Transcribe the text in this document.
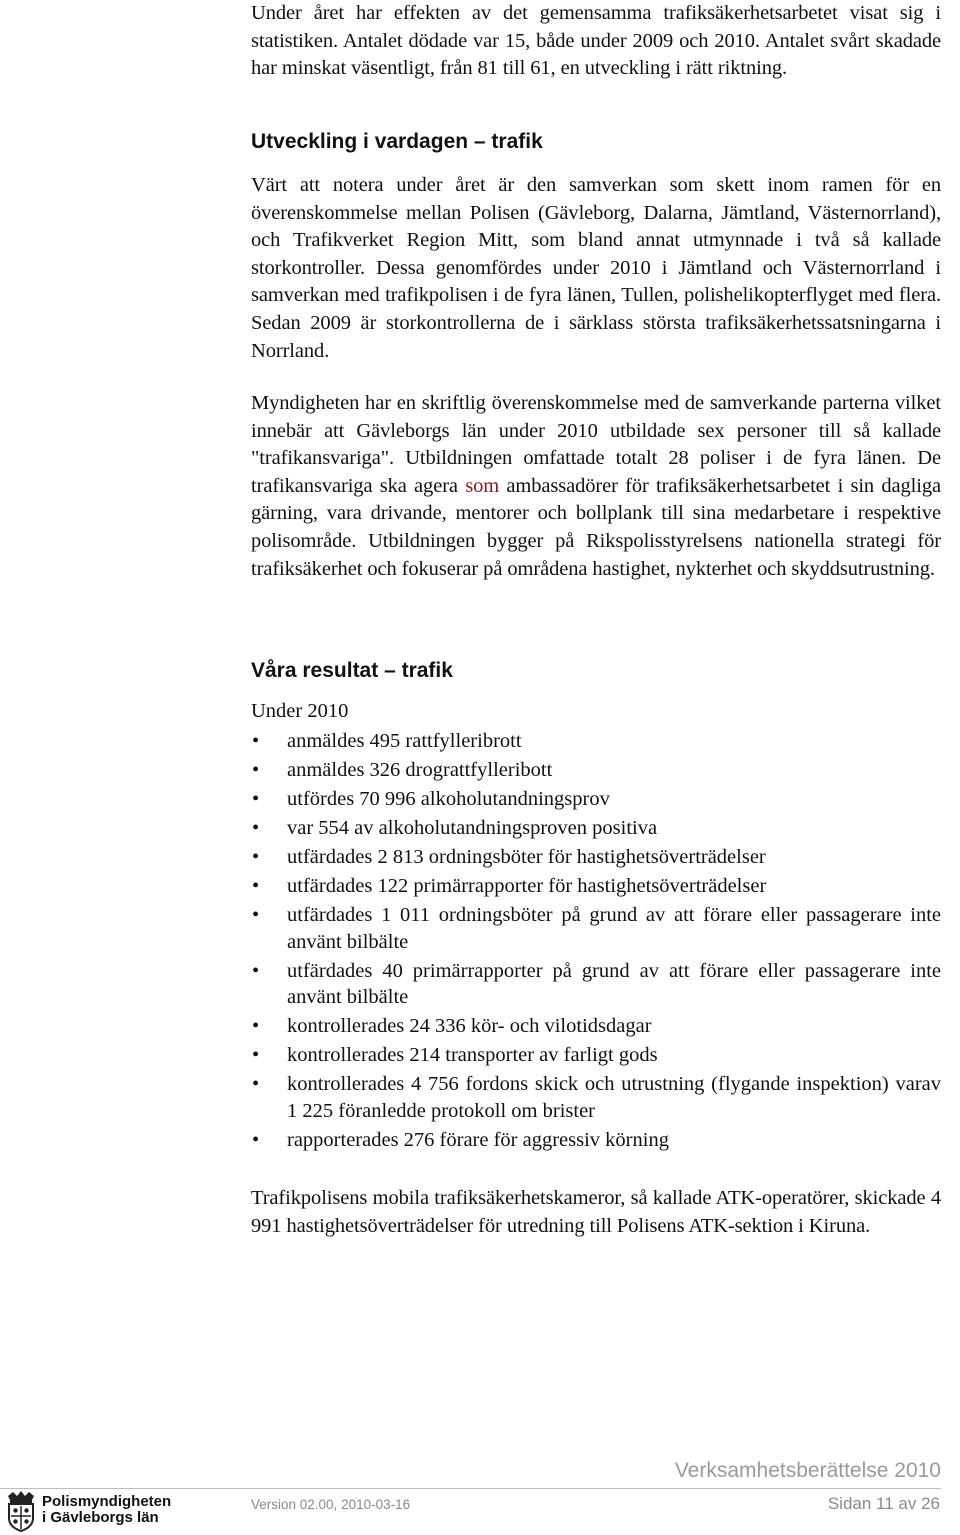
Under året har effekten av det gemensamma trafiksäkerhetsarbetet visat sig i statistiken. Antalet dödade var 15, både under 2009 och 2010. Antalet svårt skadade har minskat väsentligt, från 81 till 61, en utveckling i rätt riktning.

Utveckling i vardagen – trafik

Värt att notera under året är den samverkan som skett inom ramen för en överenskommelse mellan Polisen (Gävleborg, Dalarna, Jämtland, Västernorrland), och Trafikverket Region Mitt, som bland annat utmynnade i två så kallade storkontroller. Dessa genomfördes under 2010 i Jämtland och Västernorrland i samverkan med trafikpolisen i de fyra länen, Tullen, polishelikopterflyget med flera. Sedan 2009 är storkontrollerna de i särklass största trafiksäkerhetssatsningarna i Norrland.

Myndigheten har en skriftlig överenskommelse med de samverkande parterna vilket innebär att Gävleborgs län under 2010 utbildade sex personer till så kallade "trafikansvariga". Utbildningen omfattade totalt 28 poliser i de fyra länen. De trafikansvariga ska agera som ambassadörer för trafiksäkerhetsarbetet i sin dagliga gärning, vara drivande, mentorer och bollplank till sina medarbetare i respektive polisområde. Utbildningen bygger på Rikspolisstyrelsens nationella strategi för trafiksäkerhet och fokuserar på områdena hastighet, nykterhet och skyddsutrustning.

Våra resultat – trafik

Under 2010

• anmäldes 495 rattfylleribrott
• anmäldes 326 drograttfylleribott
• utfördes 70 996 alkoholutandningsprov
• var 554 av alkoholutandningsproven positiva
• utfärdades 2 813 ordningsböter för hastighetsöverträdelser
• utfärdades 122 primärrapporter för hastighetsöverträdelser
• utfärdades 1 011 ordningsböter på grund av att förare eller passagerare inte använt bilbälte
• utfärdades 40 primärrapporter på grund av att förare eller passagerare inte använt bilbälte
• kontrollerades 24 336 kör- och vilotidsdagar
• kontrollerades 214 transporter av farligt gods
• kontrollerades 4 756 fordons skick och utrustning (flygande inspektion) varav 1 225 föranledde protokoll om brister
• rapporterades 276 förare för aggressiv körning

Trafikpolisens mobila trafiksäkerhetskameror, så kallade ATK-operatörer, skickade 4 991 hastighetsöverträdelser för utredning till Polisens ATK-sektion i Kiruna.

Verksamhetsberättelse 2010
Polismyndigheten
i Gävleborgs län
Version 02.00, 2010-03-16	Sidan 11 av 26
